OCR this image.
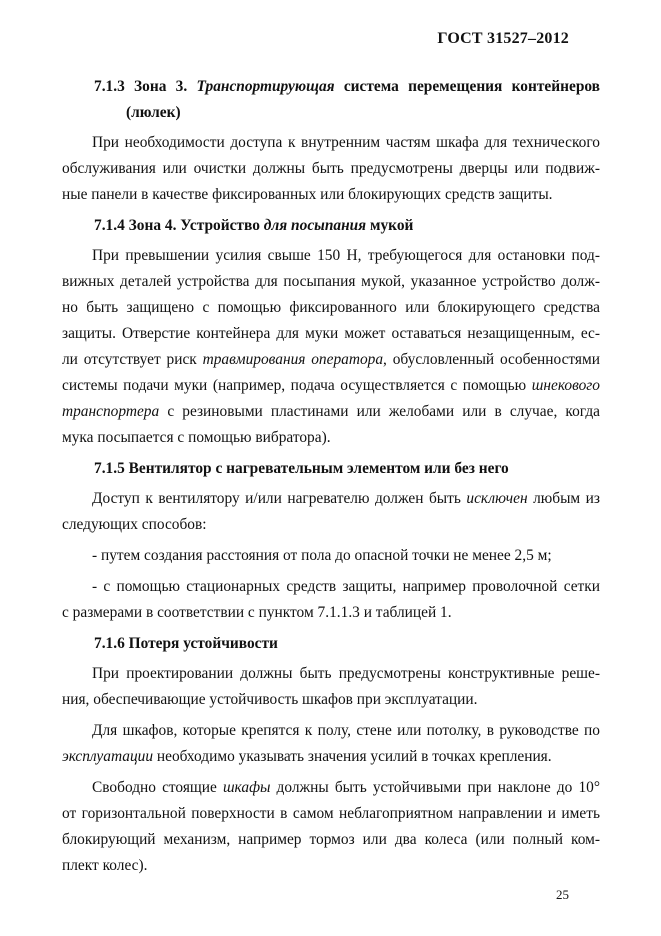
ГОСТ 31527–2012
7.1.3 Зона 3. Транспортирующая система перемещения контейнеров
(люлек)
При необходимости доступа к внутренним частям шкафа для технического
обслуживания или очистки должны быть предусмотрены дверцы или подвиж-
ные панели в качестве фиксированных или блокирующих средств защиты.
7.1.4 Зона 4. Устройство для посыпания мукой
При превышении усилия свыше 150 Н, требующегося для остановки под-
вижных деталей устройства для посыпания мукой, указанное устройство долж-
но быть защищено с помощью фиксированного или блокирующего средства
защиты. Отверстие контейнера для муки может оставаться незащищенным, ес-
ли отсутствует риск травмирования оператора, обусловленный особенностями
системы подачи муки (например, подача осуществляется с помощью шнекового
транспортера с резиновыми пластинами или желобами или в случае, когда
мука посыпается с помощью вибратора).
7.1.5 Вентилятор с нагревательным элементом или без него
Доступ к вентилятору и/или нагревателю должен быть исключен любым из
следующих способов:
- путем создания расстояния от пола до опасной точки не менее 2,5 м;
- с помощью стационарных средств защиты, например проволочной сетки
с размерами в соответствии с пунктом 7.1.1.3 и таблицей 1.
7.1.6 Потеря устойчивости
При проектировании должны быть предусмотрены конструктивные реше-
ния, обеспечивающие устойчивость шкафов при эксплуатации.
Для шкафов, которые крепятся к полу, стене или потолку, в руководстве по
эксплуатации необходимо указывать значения усилий в точках крепления.
Свободно стоящие шкафы должны быть устойчивыми при наклоне до 10°
от горизонтальной поверхности в самом неблагоприятном направлении и иметь
блокирующий механизм, например тормоз или два колеса (или полный ком-
плект колес).
25
